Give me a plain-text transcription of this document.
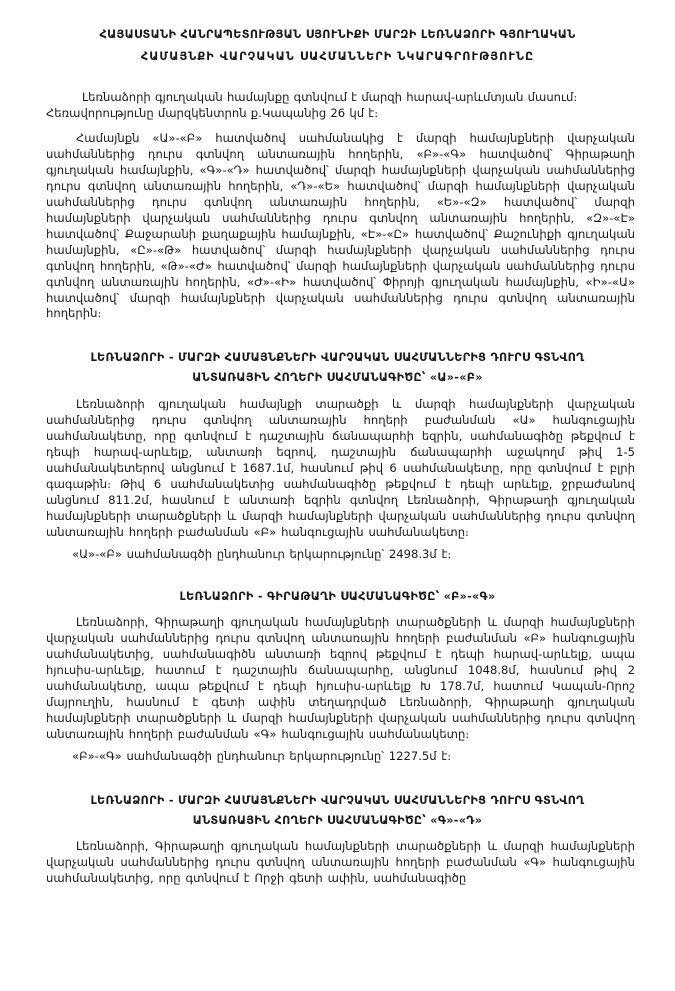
ՀԱՅԱՍՏԱՆԻ ՀԱՆՐԱՊԵՏՈՒԹՅԱՆ ՍՅՈՒՆԻՔԻ ՄԱՐԶԻ ԼԵՌՆԱՁՈՐԻ ԳՅՈՒՂԱԿԱՆ
ՀԱՄԱՅՆՔԻ ՎԱՐՉԱԿԱՆ ՍԱՀՄԱՆՆԵՐԻ ՆԿԱՐԱԳՐՈՒԹՅՈՒՆԸ
Լեռնաձորի գյուղական համայնքը գտնվում է մարզի հարավ-արևմտյան մասում։
Հեռավորությունը մարզկենտրոն ք.Կապանից 26 կմ է։
Համայնքն «Ա»-«Բ» հատվածով սահմանակից է մարզի համայնքների վարչական սահմաններից դուրս գտնվող անտառային հողերին, «Բ»-«Գ» հատվածով՝ Գիրաթաղի գյուղական համայնքին, «Գ»-«Դ» հատվածով՝ մարզի համայնքների վարչական սահմաններից դուրս գտնվող անտառային հողերին, «Դ»-«Ե» հատվածով՝ մարզի համայնքների վարչական սահմաններից դուրս գտնվող անտառային հողերին, «Ե»-«Զ» հատվածով՝ մարզի համայնքների վարչական սահմաններից դուրս գտնվող անտառային հողերին, «Զ»-«Է» հատվածով՝ Քաջարանի քաղաքային համայնքին, «Է»-«Ը» հատվածով՝ Քաշունիքի գյուղական համայնքին, «Ը»-«Թ» հատվածով՝ մարզի համայնքների վարչական սահմաններից դուրս գտնվող հողերին, «Թ»-«Ժ» հատվածով՝ մարզի համայնքների վարչական սահմաններից դուրս գտնվող անտառային հողերին, «Ժ»-«Ի» հատվածով՝ Փիրոյի գյուղական համայնքին, «Ի»-«Ա» հատվածով՝ մարզի համայնքների վարչական սահմաններից դուրս գտնվող անտառային հողերին։
ԼԵՌՆԱՁՈՐԻ - ՄԱՐԶԻ ՀԱՄԱՅՆՔՆԵՐԻ ՎԱՐՉԱԿԱՆ ՍԱՀՄԱՆՆԵՐԻՑ ԴՈՒՐՍ ԳՏՆՎՈՂ
ԱՆՏԱՌԱՅԻՆ ՀՈՂԵՐԻ ՍԱՀՄԱՆԱԳԻԾԸ՝ «Ա»-«Բ»
Լեռնաձորի գյուղական համայնքի տարածքի և մարզի համայնքների վարչական սահմաններից դուրս գտնվող անտառային հողերի բաժանման «Ա» հանգուցային սահմանակետը, որը գտնվում է դաշտային ճանապարհի եզրին, սահմանագիծը թեքվում է դեպի հարավ-արևելք, անտառի եզրով, դաշտային ճանապարհի աջակողմ թիվ 1-5 սահմանակետերով անցնում է 1687.1մ, հասնում թիվ 6 սահմանակետը, որը գտնվում է բլրի գագաթին։ Թիվ 6 սահմանակետից սահմանագիծը թեքվում է դեպի արևելք, ջրբաժանով անցնում 811.2մ, հասնում է անտառի եզրին գտնվող Լեռնաձորի, Գիրաթաղի գյուղական համայնքների տարածքների և մարզի համայնքների վարչական սահմաններից դուրս գտնվող անտառային հողերի բաժանման «Բ» հանգուցային սահմանակետը։
«Ա»-«Բ» սահմանագծի ընդհանուր երկարությունը՝ 2498.3մ է։
ԼԵՌՆԱՁՈՐԻ - ԳԻՐԱԹԱՂԻ ՍԱՀՄԱՆԱԳԻԾԸ՝ «Բ»-«Գ»
Լեռնաձորի, Գիրաթաղի գյուղական համայնքների տարածքների և մարզի համայնքների վարչական սահմաններից դուրս գտնվող անտառային հողերի բաժանման «Բ» հանգուցային սահմանակետից, սահմանագիծն անտառի եզրով թեքվում է դեպի հարավ-արևելք, ապա հյուսիս-արևելք, հատում է դաշտային ճանապարհը, անցնում 1048.8մ, հասնում թիվ 2 սահմանակետը, ապա թեքվում է դեպի հյուսիս-արևելք Խ 178.7մ, հատում Կապան-Որոշ մայրուղին, հասնում է գետի ափին տեղադրված Լեռնաձորի, Գիրաթաղի գյուղական համայնքների տարածքների և մարզի համայնքների վարչական սահմաններից դուրս գտնվող անտառային հողերի բաժանման «Գ» հանգուցային սահմանակետը։
«Բ»-«Գ» սահմանագծի ընդհանուր երկարությունը՝ 1227.5մ է։
ԼԵՌՆԱՁՈՐԻ - ՄԱՐԶԻ ՀԱՄԱՅՆՔՆԵՐԻ ՎԱՐՉԱԿԱՆ ՍԱՀՄԱՆՆԵՐԻՑ ԴՈՒՐՍ ԳՏՆՎՈՂ
ԱՆՏԱՌԱՅԻՆ ՀՈՂԵՐԻ ՍԱՀՄԱՆԱԳԻԾԸ՝ «Գ»-«Դ»
Լեռնաձորի, Գիրաթաղի գյուղական համայնքների տարածքների և մարզի համայնքների վարչական սահմաններից դուրս գտնվող անտառային հողերի բաժանման «Գ» հանգուցային սահմանակետից, որը գտնվում է Որջի գետի ափին, սահմանագիծը
